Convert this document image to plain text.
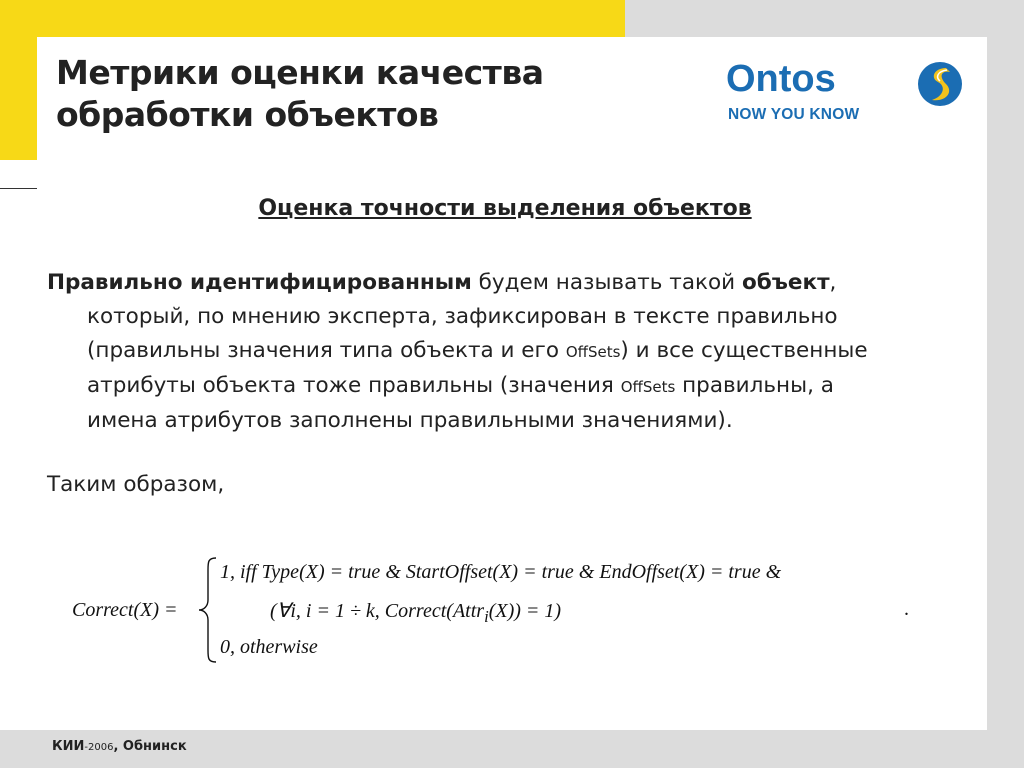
Метрики оценки качества
обработки объектов
Ontos
NOW YOU KNOW
Оценка точности выделения объектов
Правильно идентифицированным будем называть такой объект,
который, по мнению эксперта, зафиксирован в тексте правильно
(правильны значения типа объекта и его OffSets) и все существенные
атрибуты объекта тоже правильны (значения OffSets правильны, а
имена атрибутов заполнены правильными значениями).
Таким образом,
Correct(X) =
1, iff Type(X) = true & StartOffset(X) = true & EndOffset(X) = true &
(∀i, i = 1 ÷ k, Correct(Attr$_i$(X)) = 1)
0, otherwise
.
КИИ-2006, Обнинск
